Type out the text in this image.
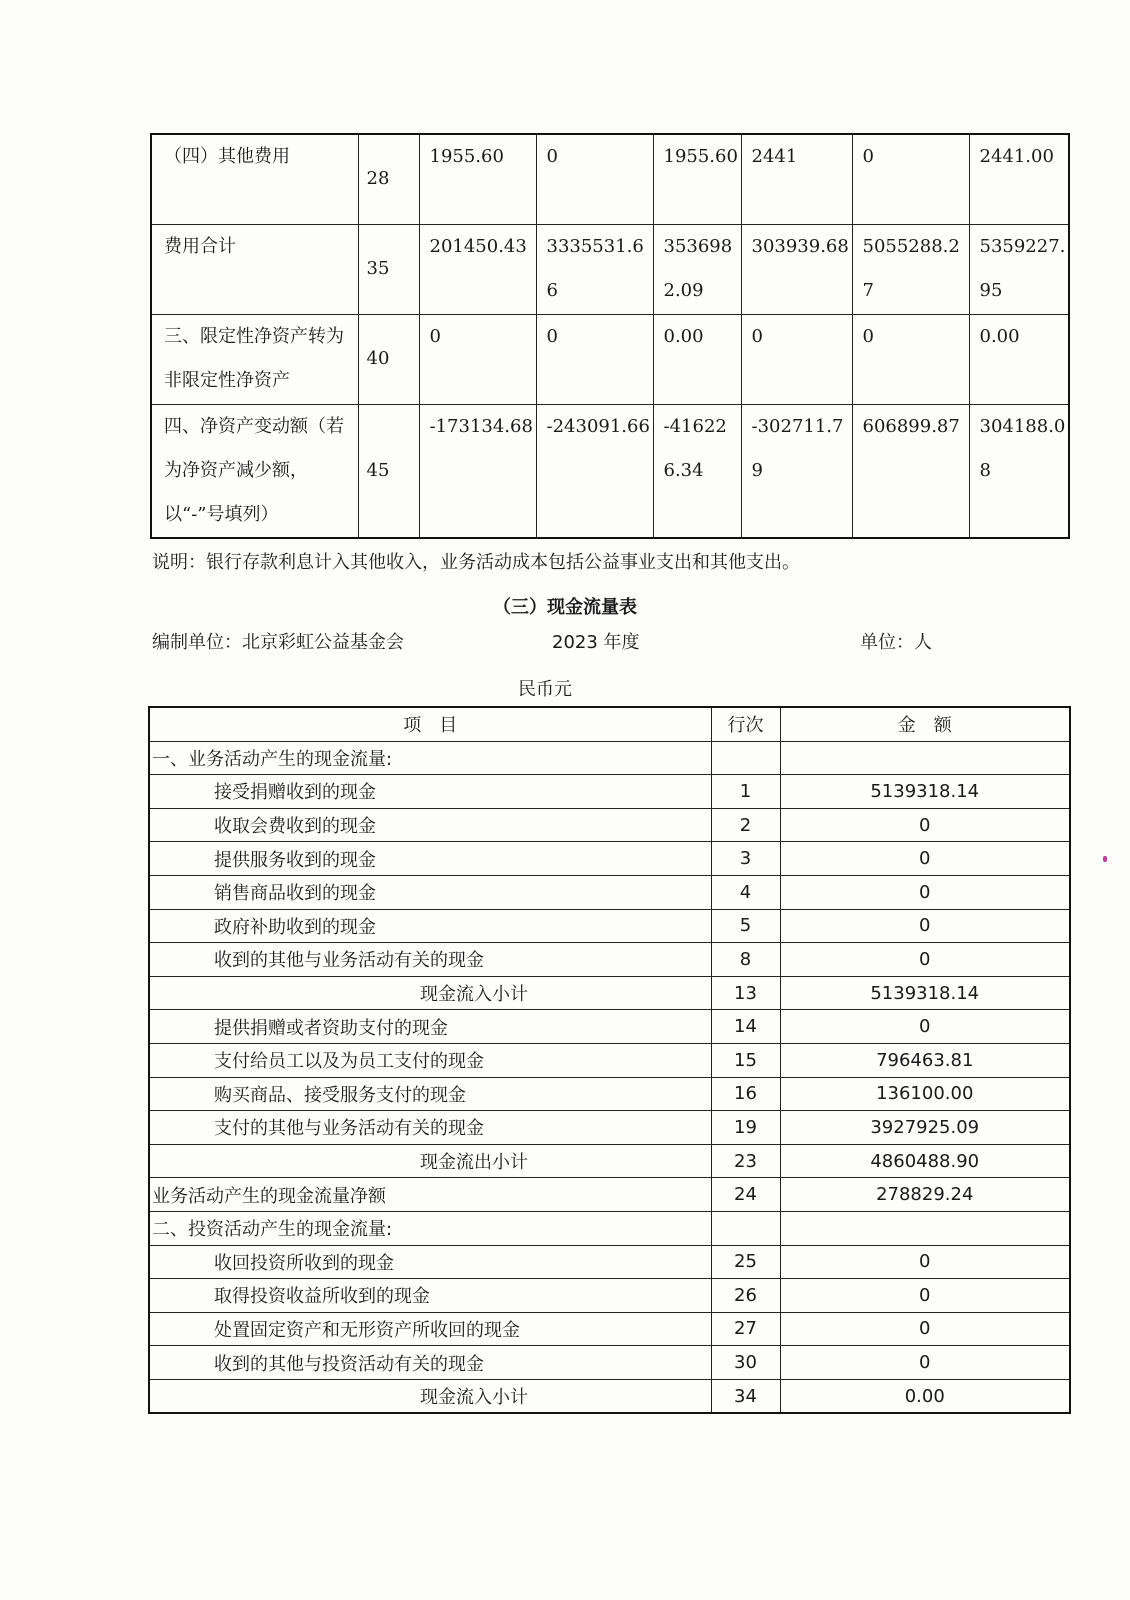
（四）其他费用	28	1955.60	0	1955.60	2441	0	2441.00
费用合计	35	201450.43	3335531.66	3536982.09	303939.68	5055288.27	5359227.95
三、限定性净资产转为非限定性净资产	40	0	0	0.00	0	0	0.00
四、净资产变动额（若为净资产减少额，以“-”号填列）	45	-173134.68	-243091.66	-416226.34	-302711.79	606899.87	304188.08
说明：银行存款利息计入其他收入，业务活动成本包括公益事业支出和其他支出。
（三）现金流量表
编制单位：北京彩虹公益基金会	2023 年度	单位：人
民币元
项　目	行次	金　额
一、业务活动产生的现金流量:		
接受捐赠收到的现金	1	5139318.14
收取会费收到的现金	2	0
提供服务收到的现金	3	0
销售商品收到的现金	4	0
政府补助收到的现金	5	0
收到的其他与业务活动有关的现金	8	0
现金流入小计	13	5139318.14
提供捐赠或者资助支付的现金	14	0
支付给员工以及为员工支付的现金	15	796463.81
购买商品、接受服务支付的现金	16	136100.00
支付的其他与业务活动有关的现金	19	3927925.09
现金流出小计	23	4860488.90
业务活动产生的现金流量净额	24	278829.24
二、投资活动产生的现金流量:		
收回投资所收到的现金	25	0
取得投资收益所收到的现金	26	0
处置固定资产和无形资产所收回的现金	27	0
收到的其他与投资活动有关的现金	30	0
现金流入小计	34	0.00
